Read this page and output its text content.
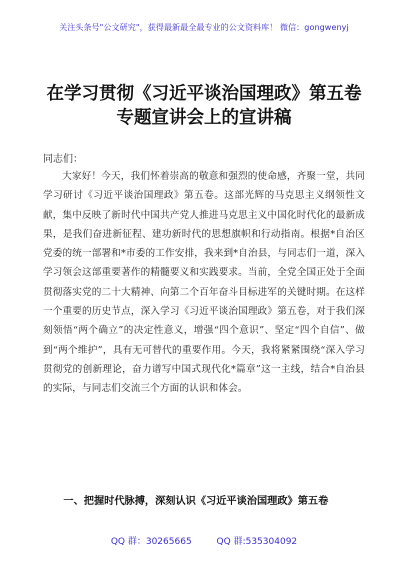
关注头条号"公文研究"，获得最新最全最专业的公文资料库！ 微信：gongwenyj
在学习贯彻《习近平谈治国理政》第五卷专题宣讲会上的宣讲稿
同志们：

大家好！今天，我们怀着崇高的敬意和强烈的使命感，齐聚一堂，共同学习研讨《习近平谈治国理政》第五卷。这部光辉的马克思主义纲领性文献，集中反映了新时代中国共产党人推进马克思主义中国化时代化的最新成果，是我们奋进新征程、建功新时代的思想旗帜和行动指南。根据*自治区党委的统一部署和*市委的工作安排，我来到*自治县，与同志们一道，深入学习领会这部重要著作的精髓要义和实践要求。当前，全党全国正处于全面贯彻落实党的二十大精神、向第二个百年奋斗目标进军的关键时期。在这样一个重要的历史节点，深入学习《习近平谈治国理政》第五卷，对于我们深刻领悟“两个确立”的决定性意义，增强“四个意识”、坚定“四个自信”、做到“两个维护”，具有无可替代的重要作用。今天，我将紧紧围绕“深入学习贯彻党的创新理论，奋力谱写中国式现代化*篇章”这一主线，结合*自治县的实际，与同志们交流三个方面的认识和体会。

一、把握时代脉搏，深刻认识《习近平谈治国理政》第五卷

QQ 群：30265665	QQ 群:535304092
